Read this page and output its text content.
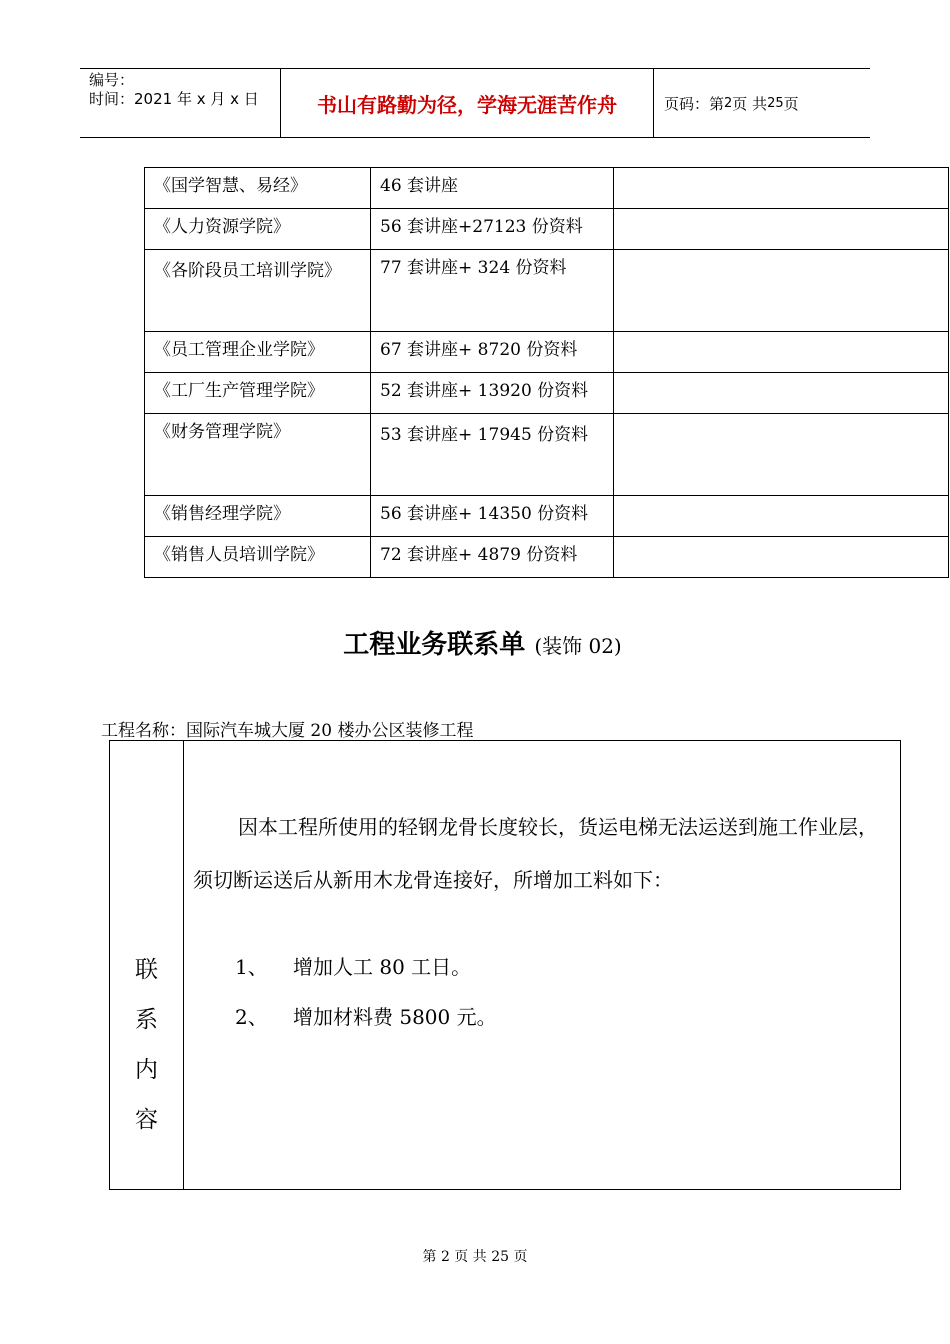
编号：
时间：2021 年 x 月 x 日	书山有路勤为径，学海无涯苦作舟	页码：第 2 页 共 25 页
《国学智慧、易经》	46 套讲座	
《人力资源学院》	56 套讲座+27123 份资料	
《各阶段员工培训学院》	77 套讲座+ 324 份资料	
《员工管理企业学院》	67 套讲座+ 8720 份资料	
《工厂生产管理学院》	52 套讲座+ 13920 份资料	
《财务管理学院》	53 套讲座+ 17945 份资料	
《销售经理学院》	56 套讲座+ 14350 份资料	
《销售人员培训学院》	72 套讲座+ 4879 份资料	
工程业务联系单 (装饰 02)
工程名称：国际汽车城大厦 20 楼办公区装修工程
联
系
内
容
因本工程所使用的轻钢龙骨长度较长，货运电梯无法运送到施工作业层，须切断运送后从新用木龙骨连接好，所增加工料如下：
1、 增加人工 80 工日。
2、 增加材料费 5800 元。
第 2 页 共 25 页
